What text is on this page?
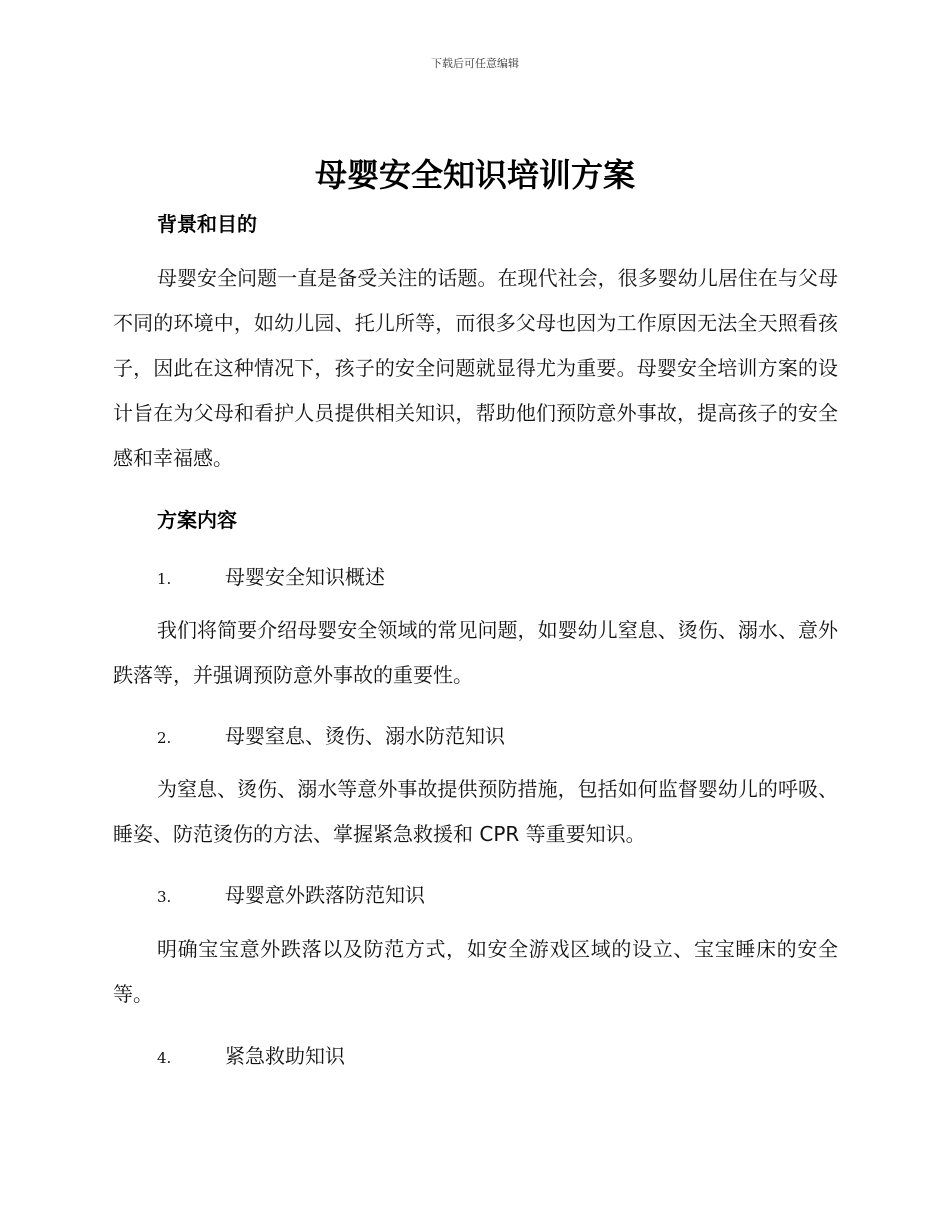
下载后可任意编辑
母婴安全知识培训方案
背景和目的
母婴安全问题一直是备受关注的话题。在现代社会，很多婴幼儿居住在与父母不同的环境中，如幼儿园、托儿所等，而很多父母也因为工作原因无法全天照看孩子，因此在这种情况下，孩子的安全问题就显得尤为重要。母婴安全培训方案的设计旨在为父母和看护人员提供相关知识，帮助他们预防意外事故，提高孩子的安全感和幸福感。
方案内容
1.	母婴安全知识概述
我们将简要介绍母婴安全领域的常见问题，如婴幼儿窒息、烫伤、溺水、意外跌落等，并强调预防意外事故的重要性。
2.	母婴窒息、烫伤、溺水防范知识
为窒息、烫伤、溺水等意外事故提供预防措施，包括如何监督婴幼儿的呼吸、睡姿、防范烫伤的方法、掌握紧急救援和 CPR 等重要知识。
3.	母婴意外跌落防范知识
明确宝宝意外跌落以及防范方式，如安全游戏区域的设立、宝宝睡床的安全等。
4.	紧急救助知识
